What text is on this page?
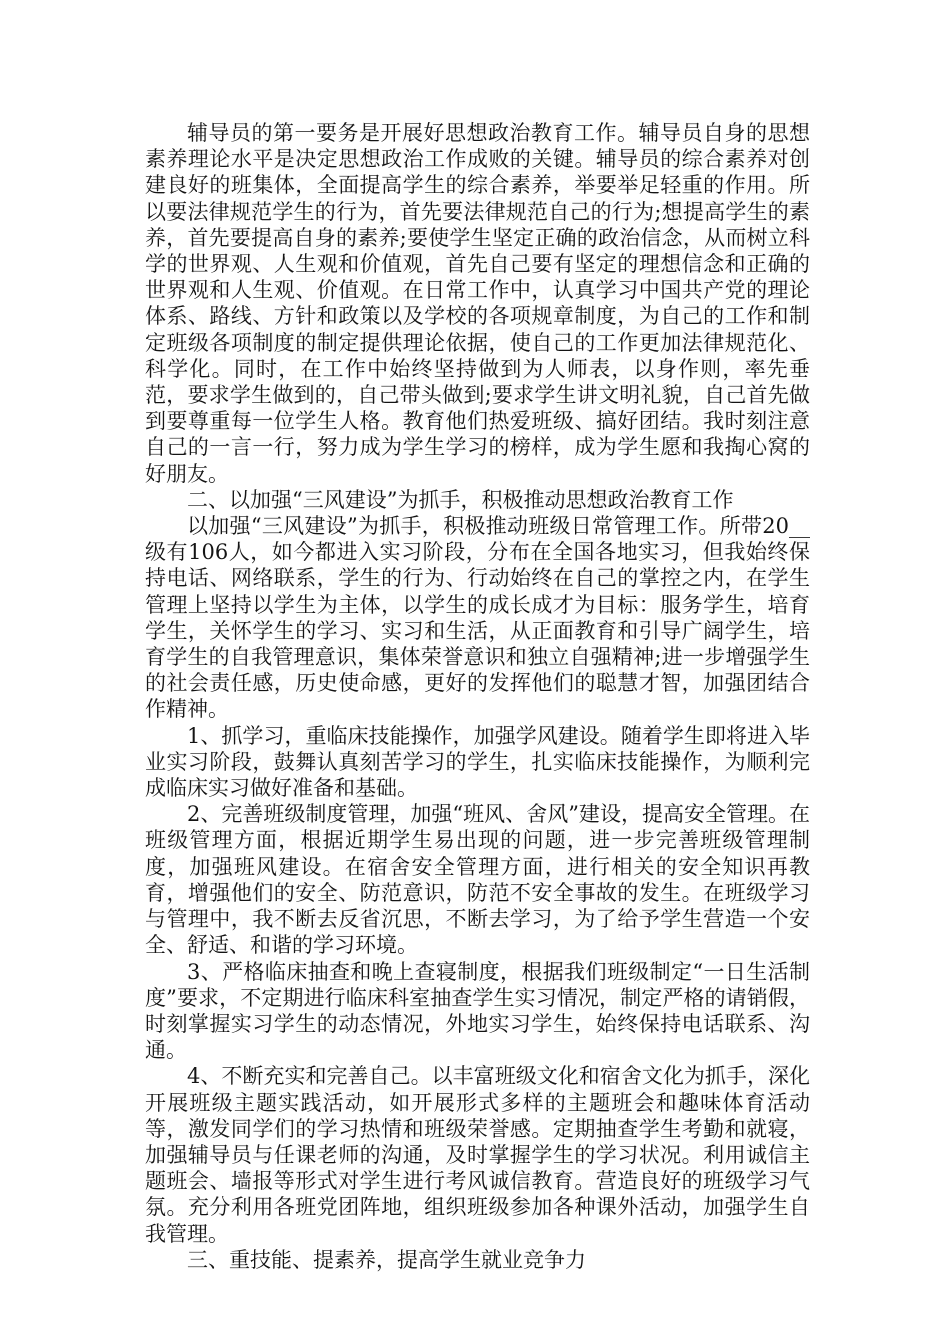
辅导员的第一要务是开展好思想政治教育工作。辅导员自身的思想素养理论水平是决定思想政治工作成败的关键。辅导员的综合素养对创建良好的班集体，全面提高学生的综合素养，举要举足轻重的作用。所以要法律规范学生的行为，首先要法律规范自己的行为;想提高学生的素养，首先要提高自身的素养;要使学生坚定正确的政治信念，从而树立科学的世界观、人生观和价值观，首先自己要有坚定的理想信念和正确的世界观和人生观、价值观。在日常工作中，认真学习中国共产党的理论体系、路线、方针和政策以及学校的各项规章制度，为自己的工作和制定班级各项制度的制定提供理论依据，使自己的工作更加法律规范化、科学化。同时，在工作中始终坚持做到为人师表，以身作则，率先垂范，要求学生做到的，自己带头做到;要求学生讲文明礼貌，自己首先做到要尊重每一位学生人格。教育他们热爱班级、搞好团结。我时刻注意自己的一言一行，努力成为学生学习的榜样，成为学生愿和我掏心窝的好朋友。

二、以加强“三风建设”为抓手，积极推动思想政治教育工作

以加强“三风建设”为抓手，积极推动班级日常管理工作。所带20__级有106人，如今都进入实习阶段，分布在全国各地实习，但我始终保持电话、网络联系，学生的行为、行动始终在自己的掌控之内，在学生管理上坚持以学生为主体，以学生的成长成才为目标：服务学生，培育学生，关怀学生的学习、实习和生活，从正面教育和引导广阔学生，培育学生的自我管理意识，集体荣誉意识和独立自强精神;进一步增强学生的社会责任感，历史使命感，更好的发挥他们的聪慧才智，加强团结合作精神。

1、抓学习，重临床技能操作，加强学风建设。随着学生即将进入毕业实习阶段，鼓舞认真刻苦学习的学生，扎实临床技能操作，为顺利完成临床实习做好准备和基础。

2、完善班级制度管理，加强“班风、舍风”建设，提高安全管理。在班级管理方面，根据近期学生易出现的问题，进一步完善班级管理制度，加强班风建设。在宿舍安全管理方面，进行相关的安全知识再教育，增强他们的安全、防范意识，防范不安全事故的发生。在班级学习与管理中，我不断去反省沉思，不断去学习，为了给予学生营造一个安全、舒适、和谐的学习环境。

3、严格临床抽查和晚上查寝制度，根据我们班级制定“一日生活制度”要求，不定期进行临床科室抽查学生实习情况，制定严格的请销假，时刻掌握实习学生的动态情况，外地实习学生，始终保持电话联系、沟通。

4、不断充实和完善自己。以丰富班级文化和宿舍文化为抓手，深化开展班级主题实践活动，如开展形式多样的主题班会和趣味体育活动等，激发同学们的学习热情和班级荣誉感。定期抽查学生考勤和就寝，加强辅导员与任课老师的沟通，及时掌握学生的学习状况。利用诚信主题班会、墙报等形式对学生进行考风诚信教育。营造良好的班级学习气氛。充分利用各班党团阵地，组织班级参加各种课外活动，加强学生自我管理。

三、重技能、提素养，提高学生就业竞争力
